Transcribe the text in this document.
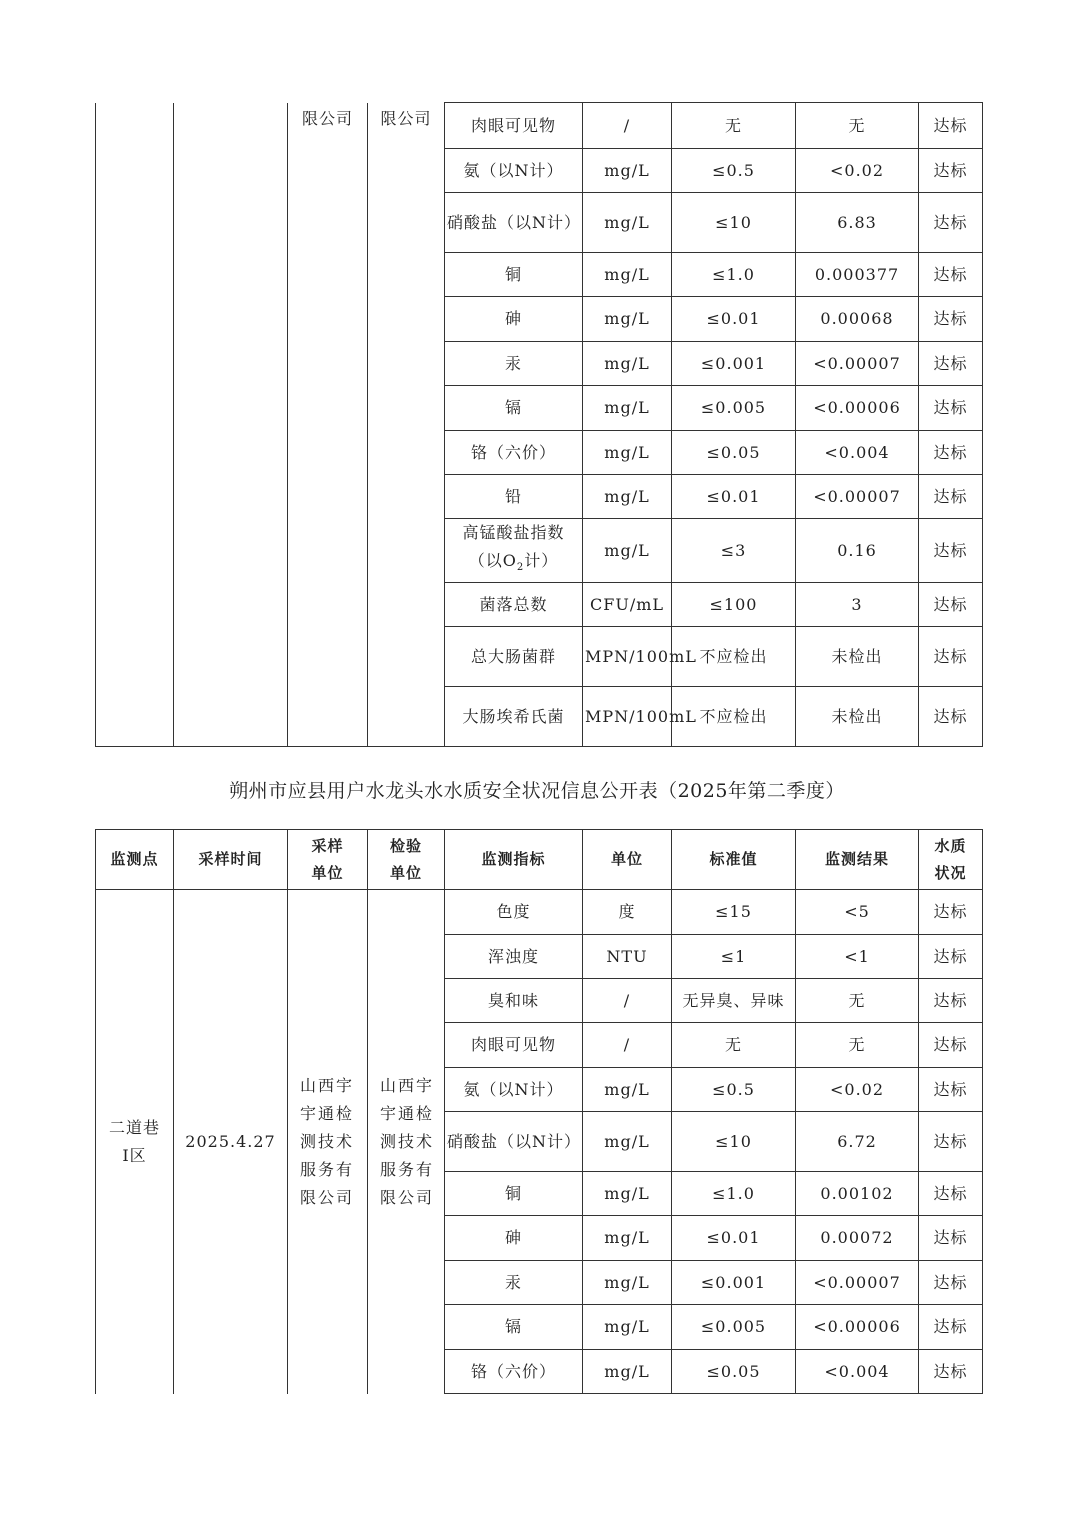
		限公司	限公司	肉眼可见物	/	无	无	达标
				氨（以N计）	mg/L	≤0.5	<0.02	达标
				硝酸盐（以N计）	mg/L	≤10	6.83	达标
				铜	mg/L	≤1.0	0.000377	达标
				砷	mg/L	≤0.01	0.00068	达标
				汞	mg/L	≤0.001	<0.00007	达标
				镉	mg/L	≤0.005	<0.00006	达标
				铬（六价）	mg/L	≤0.05	<0.004	达标
				铅	mg/L	≤0.01	<0.00007	达标
				高锰酸盐指数
（以$O_2$计）	mg/L	≤3	0.16	达标
				菌落总数	CFU/mL	≤100	3	达标
				总大肠菌群	MPN/100mL	不应检出	未检出	达标
				大肠埃希氏菌	MPN/100mL	不应检出	未检出	达标
朔州市应县用户水龙头水水质安全状况信息公开表（2025年第二季度）
监测点	采样时间	采样单位	检验单位	监测指标	单位	标准值	监测结果	水质状况
二道巷I区	2025.4.27	山西宇宇通检测技术服务有限公司	山西宇宇通检测技术服务有限公司	色度	度	≤15	<5	达标
				浑浊度	NTU	≤1	<1	达标
				臭和味	/	无异臭、异味	无	达标
				肉眼可见物	/	无	无	达标
				氨（以N计）	mg/L	≤0.5	<0.02	达标
				硝酸盐（以N计）	mg/L	≤10	6.72	达标
				铜	mg/L	≤1.0	0.00102	达标
				砷	mg/L	≤0.01	0.00072	达标
				汞	mg/L	≤0.001	<0.00007	达标
				镉	mg/L	≤0.005	<0.00006	达标
				铬（六价）	mg/L	≤0.05	<0.004	达标
